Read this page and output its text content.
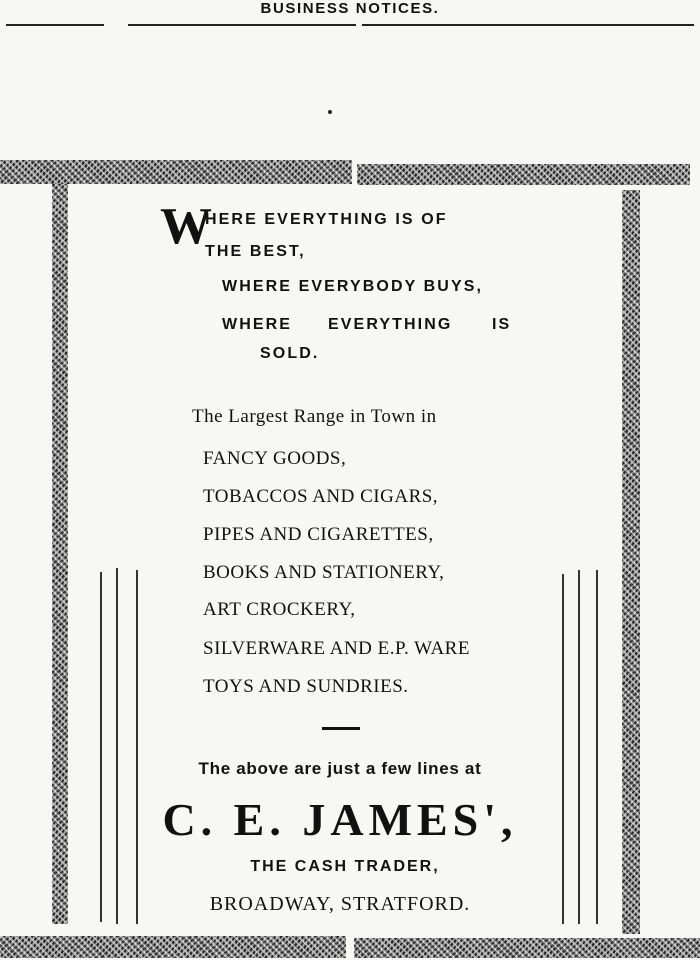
BUSINESS NOTICES.
W
HERE EVERYTHING IS OF
THE BEST,
WHERE EVERYBODY BUYS,
WHERE EVERYTHING IS
SOLD.
The Largest Range in Town in
FANCY GOODS,
TOBACCOS AND CIGARS,
PIPES AND CIGARETTES,
BOOKS AND STATIONERY,
ART CROCKERY,
SILVERWARE AND E.P. WARE
TOYS AND SUNDRIES.
The above are just a few lines at
C. E. JAMES',
THE CASH TRADER,
BROADWAY, STRATFORD.
